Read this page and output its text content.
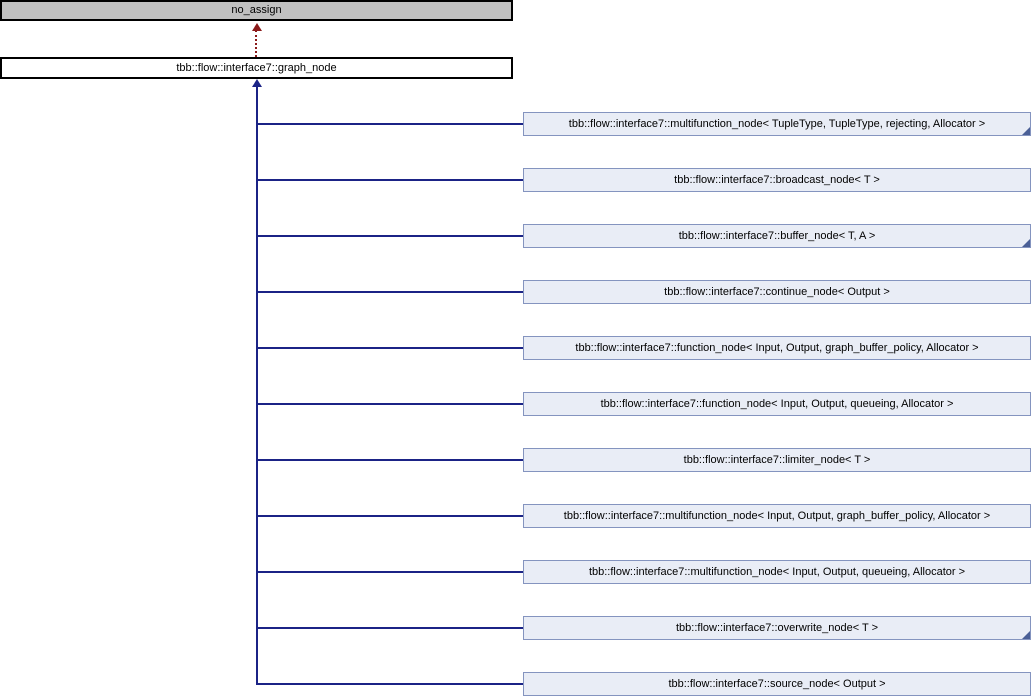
no_assign
tbb::flow::interface7::graph_node
tbb::flow::interface7::multifunction_node< TupleType, TupleType, rejecting, Allocator >
tbb::flow::interface7::broadcast_node< T >
tbb::flow::interface7::buffer_node< T, A >
tbb::flow::interface7::continue_node< Output >
tbb::flow::interface7::function_node< Input, Output, graph_buffer_policy, Allocator >
tbb::flow::interface7::function_node< Input, Output, queueing, Allocator >
tbb::flow::interface7::limiter_node< T >
tbb::flow::interface7::multifunction_node< Input, Output, graph_buffer_policy, Allocator >
tbb::flow::interface7::multifunction_node< Input, Output, queueing, Allocator >
tbb::flow::interface7::overwrite_node< T >
tbb::flow::interface7::source_node< Output >
